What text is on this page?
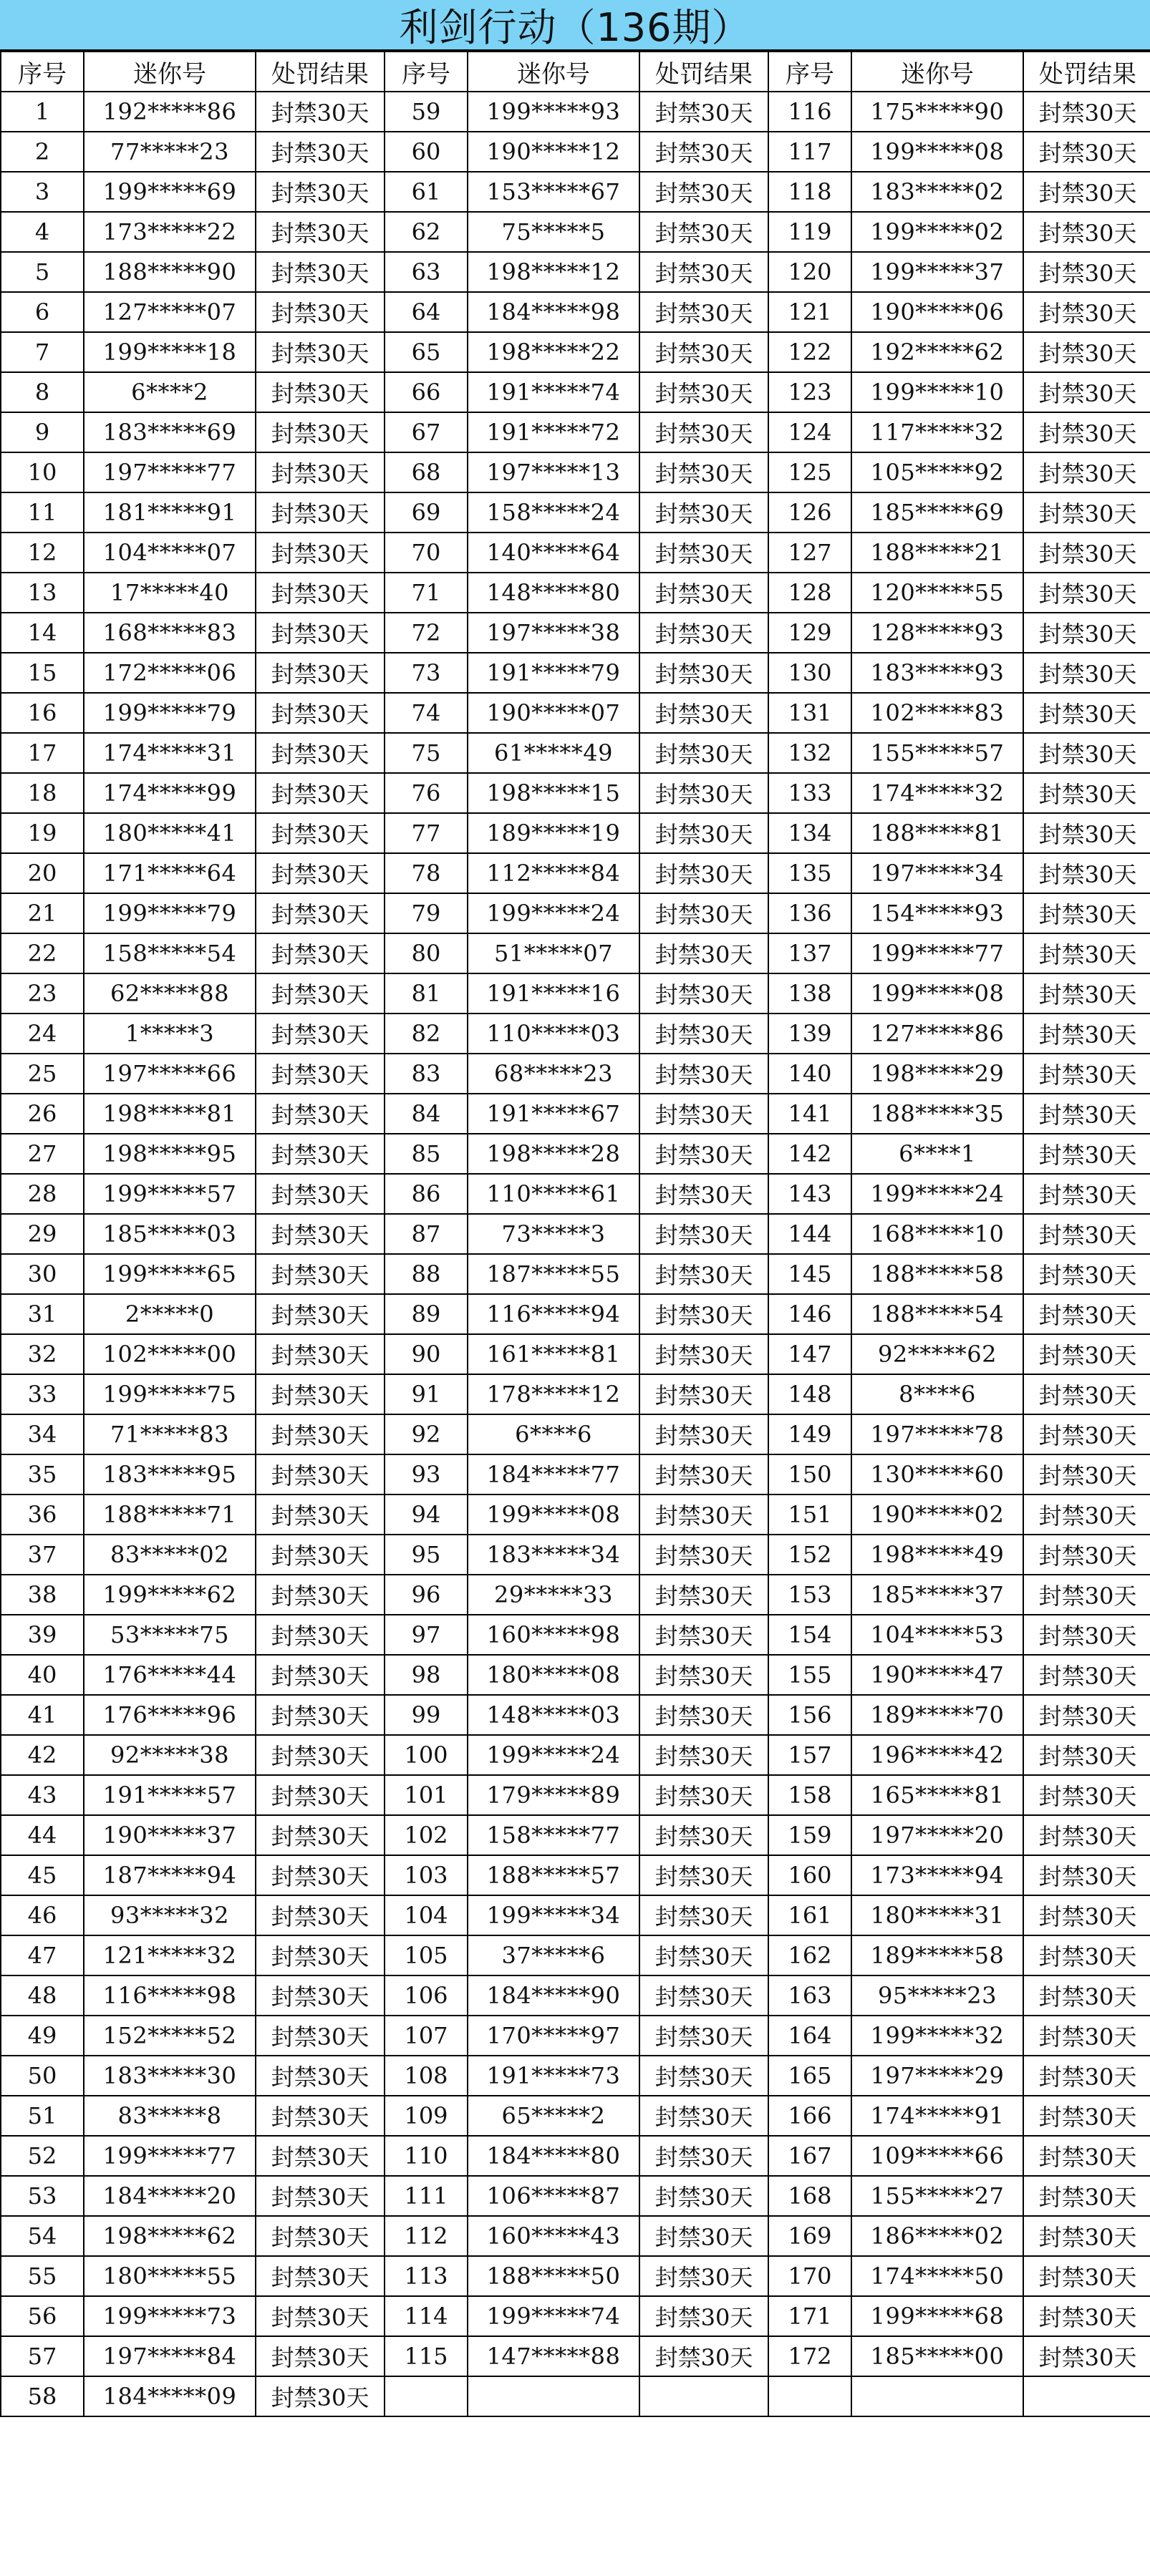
利剑行动（136期）
序号	迷你号	处罚结果	序号	迷你号	处罚结果	序号	迷你号	处罚结果
1	192*****86	封禁30天	59	199*****93	封禁30天	116	175*****90	封禁30天
2	77*****23	封禁30天	60	190*****12	封禁30天	117	199*****08	封禁30天
3	199*****69	封禁30天	61	153*****67	封禁30天	118	183*****02	封禁30天
4	173*****22	封禁30天	62	75*****5	封禁30天	119	199*****02	封禁30天
5	188*****90	封禁30天	63	198*****12	封禁30天	120	199*****37	封禁30天
6	127*****07	封禁30天	64	184*****98	封禁30天	121	190*****06	封禁30天
7	199*****18	封禁30天	65	198*****22	封禁30天	122	192*****62	封禁30天
8	6****2	封禁30天	66	191*****74	封禁30天	123	199*****10	封禁30天
9	183*****69	封禁30天	67	191*****72	封禁30天	124	117*****32	封禁30天
10	197*****77	封禁30天	68	197*****13	封禁30天	125	105*****92	封禁30天
11	181*****91	封禁30天	69	158*****24	封禁30天	126	185*****69	封禁30天
12	104*****07	封禁30天	70	140*****64	封禁30天	127	188*****21	封禁30天
13	17*****40	封禁30天	71	148*****80	封禁30天	128	120*****55	封禁30天
14	168*****83	封禁30天	72	197*****38	封禁30天	129	128*****93	封禁30天
15	172*****06	封禁30天	73	191*****79	封禁30天	130	183*****93	封禁30天
16	199*****79	封禁30天	74	190*****07	封禁30天	131	102*****83	封禁30天
17	174*****31	封禁30天	75	61*****49	封禁30天	132	155*****57	封禁30天
18	174*****99	封禁30天	76	198*****15	封禁30天	133	174*****32	封禁30天
19	180*****41	封禁30天	77	189*****19	封禁30天	134	188*****81	封禁30天
20	171*****64	封禁30天	78	112*****84	封禁30天	135	197*****34	封禁30天
21	199*****79	封禁30天	79	199*****24	封禁30天	136	154*****93	封禁30天
22	158*****54	封禁30天	80	51*****07	封禁30天	137	199*****77	封禁30天
23	62*****88	封禁30天	81	191*****16	封禁30天	138	199*****08	封禁30天
24	1*****3	封禁30天	82	110*****03	封禁30天	139	127*****86	封禁30天
25	197*****66	封禁30天	83	68*****23	封禁30天	140	198*****29	封禁30天
26	198*****81	封禁30天	84	191*****67	封禁30天	141	188*****35	封禁30天
27	198*****95	封禁30天	85	198*****28	封禁30天	142	6****1	封禁30天
28	199*****57	封禁30天	86	110*****61	封禁30天	143	199*****24	封禁30天
29	185*****03	封禁30天	87	73*****3	封禁30天	144	168*****10	封禁30天
30	199*****65	封禁30天	88	187*****55	封禁30天	145	188*****58	封禁30天
31	2*****0	封禁30天	89	116*****94	封禁30天	146	188*****54	封禁30天
32	102*****00	封禁30天	90	161*****81	封禁30天	147	92*****62	封禁30天
33	199*****75	封禁30天	91	178*****12	封禁30天	148	8****6	封禁30天
34	71*****83	封禁30天	92	6****6	封禁30天	149	197*****78	封禁30天
35	183*****95	封禁30天	93	184*****77	封禁30天	150	130*****60	封禁30天
36	188*****71	封禁30天	94	199*****08	封禁30天	151	190*****02	封禁30天
37	83*****02	封禁30天	95	183*****34	封禁30天	152	198*****49	封禁30天
38	199*****62	封禁30天	96	29*****33	封禁30天	153	185*****37	封禁30天
39	53*****75	封禁30天	97	160*****98	封禁30天	154	104*****53	封禁30天
40	176*****44	封禁30天	98	180*****08	封禁30天	155	190*****47	封禁30天
41	176*****96	封禁30天	99	148*****03	封禁30天	156	189*****70	封禁30天
42	92*****38	封禁30天	100	199*****24	封禁30天	157	196*****42	封禁30天
43	191*****57	封禁30天	101	179*****89	封禁30天	158	165*****81	封禁30天
44	190*****37	封禁30天	102	158*****77	封禁30天	159	197*****20	封禁30天
45	187*****94	封禁30天	103	188*****57	封禁30天	160	173*****94	封禁30天
46	93*****32	封禁30天	104	199*****34	封禁30天	161	180*****31	封禁30天
47	121*****32	封禁30天	105	37*****6	封禁30天	162	189*****58	封禁30天
48	116*****98	封禁30天	106	184*****90	封禁30天	163	95*****23	封禁30天
49	152*****52	封禁30天	107	170*****97	封禁30天	164	199*****32	封禁30天
50	183*****30	封禁30天	108	191*****73	封禁30天	165	197*****29	封禁30天
51	83*****8	封禁30天	109	65*****2	封禁30天	166	174*****91	封禁30天
52	199*****77	封禁30天	110	184*****80	封禁30天	167	109*****66	封禁30天
53	184*****20	封禁30天	111	106*****87	封禁30天	168	155*****27	封禁30天
54	198*****62	封禁30天	112	160*****43	封禁30天	169	186*****02	封禁30天
55	180*****55	封禁30天	113	188*****50	封禁30天	170	174*****50	封禁30天
56	199*****73	封禁30天	114	199*****74	封禁30天	171	199*****68	封禁30天
57	197*****84	封禁30天	115	147*****88	封禁30天	172	185*****00	封禁30天
58	184*****09	封禁30天						
